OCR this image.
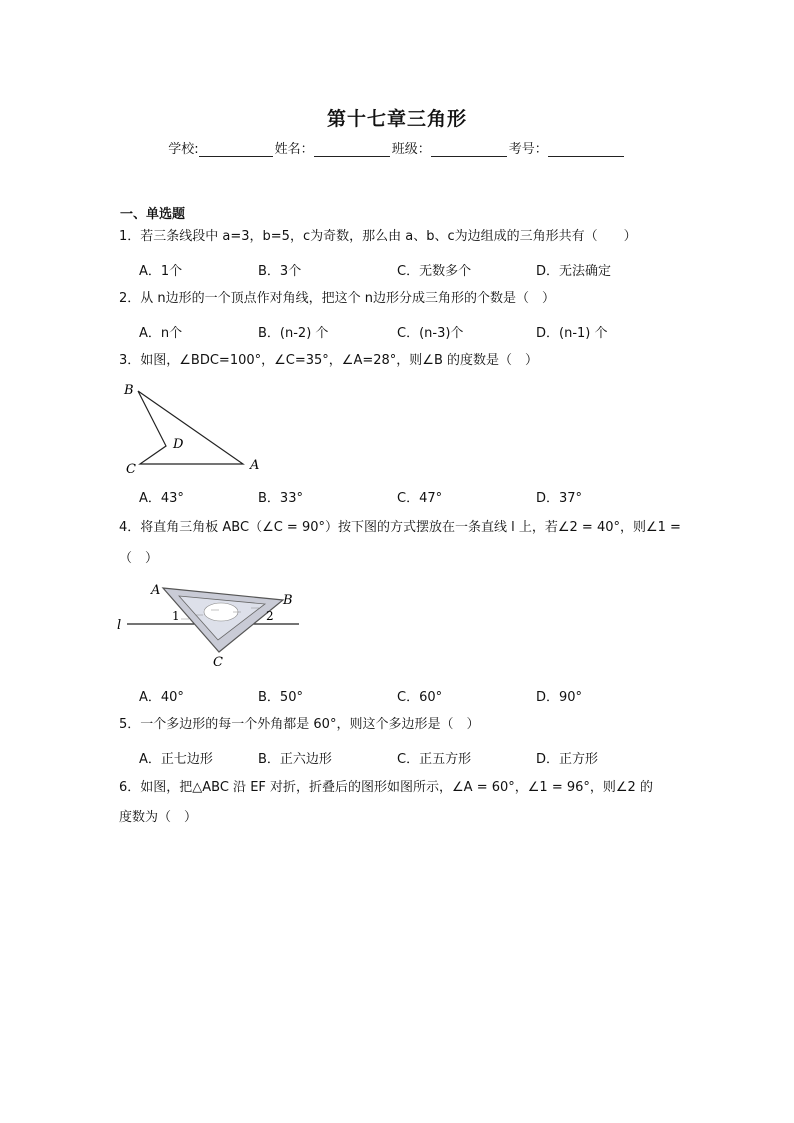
第十七章三角形
学校:	姓名：	班级：	考号：
一、单选题
1．若三条线段中 a=3，b=5，c为奇数，那么由 a、b、c为边组成的三角形共有（　　）
A．1个	B．3个	C．无数多个	D．无法确定
2．从 n边形的一个顶点作对角线，把这个 n边形分成三角形的个数是（　）
A．n个	B．(n-2) 个	C．(n-3)个	D．(n-1) 个
3．如图，∠BDC=100°，∠C=35°，∠A=28°，则∠B 的度数是（　）
B
D
C	A
A．43°	B．33°	C．47°	D．37°
4．将直角三角板 ABC（∠C = 90°）按下图的方式摆放在一条直线 l 上，若∠2 = 40°，则∠1 =
（　）
A
B
C
l
1	2
A．40°	B．50°	C．60°	D．90°
5．一个多边形的每一个外角都是 60°，则这个多边形是（　）
A．正七边形	B．正六边形	C．正五方形	D．正方形
6．如图，把△ABC 沿 EF 对折，折叠后的图形如图所示，∠A = 60°，∠1 = 96°，则∠2 的
度数为（　）
